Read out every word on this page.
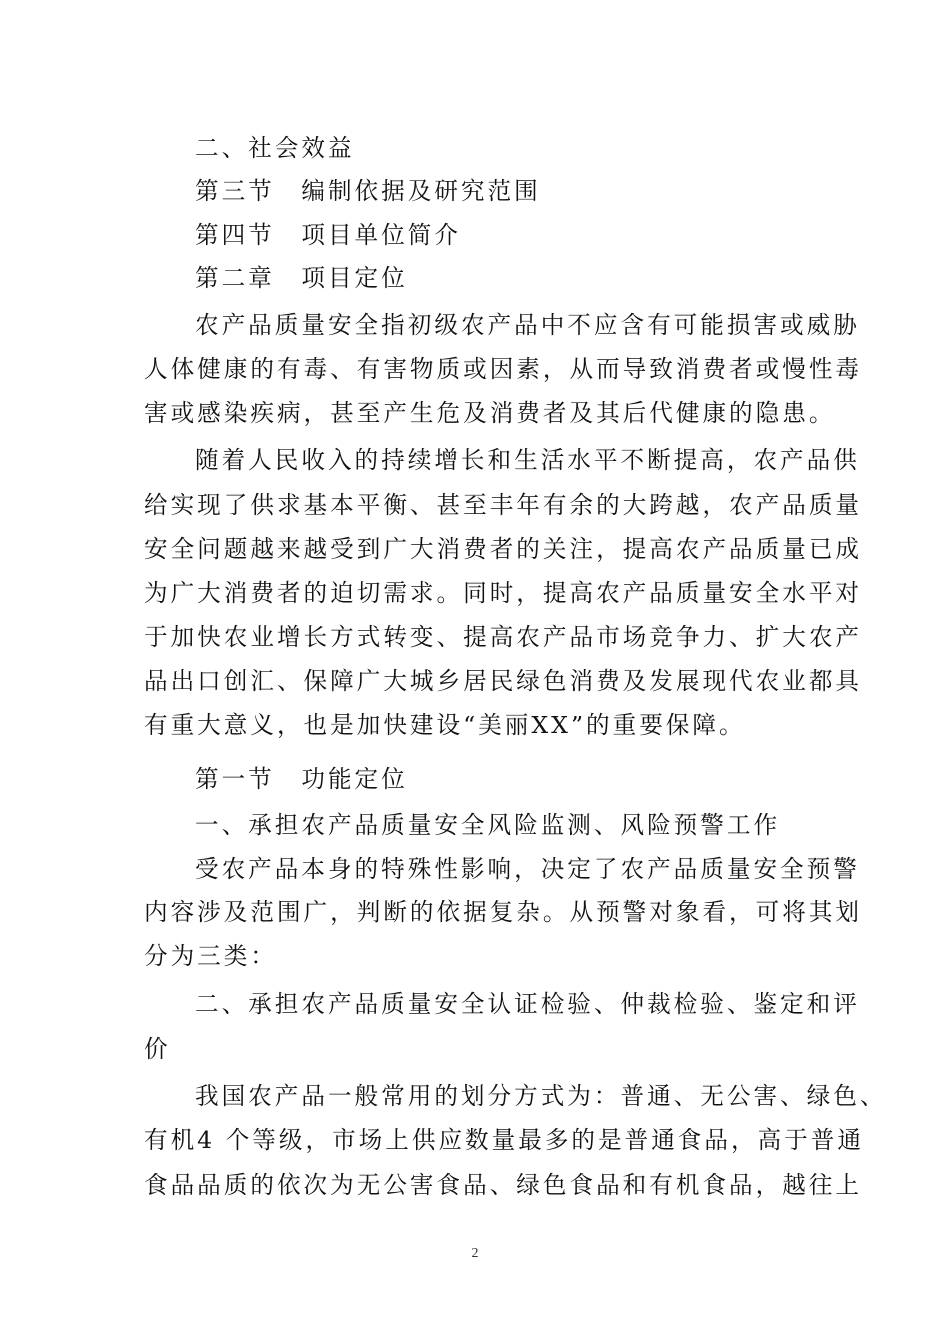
二、社会效益
第三节　编制依据及研究范围
第四节　项目单位简介
第二章　项目定位
农产品质量安全指初级农产品中不应含有可能损害或威胁
人体健康的有毒、有害物质或因素，从而导致消费者或慢性毒
害或感染疾病，甚至产生危及消费者及其后代健康的隐患。
随着人民收入的持续增长和生活水平不断提高，农产品供
给实现了供求基本平衡、甚至丰年有余的大跨越，农产品质量
安全问题越来越受到广大消费者的关注，提高农产品质量已成
为广大消费者的迫切需求。同时，提高农产品质量安全水平对
于加快农业增长方式转变、提高农产品市场竞争力、扩大农产
品出口创汇、保障广大城乡居民绿色消费及发展现代农业都具
有重大意义，也是加快建设“美丽XX”的重要保障。
第一节　功能定位
一、承担农产品质量安全风险监测、风险预警工作
受农产品本身的特殊性影响，决定了农产品质量安全预警
内容涉及范围广，判断的依据复杂。从预警对象看，可将其划
分为三类：
二、承担农产品质量安全认证检验、仲裁检验、鉴定和评
价
我国农产品一般常用的划分方式为：普通、无公害、绿色、
有机4 个等级，市场上供应数量最多的是普通食品，高于普通
食品品质的依次为无公害食品、绿色食品和有机食品，越往上
2
